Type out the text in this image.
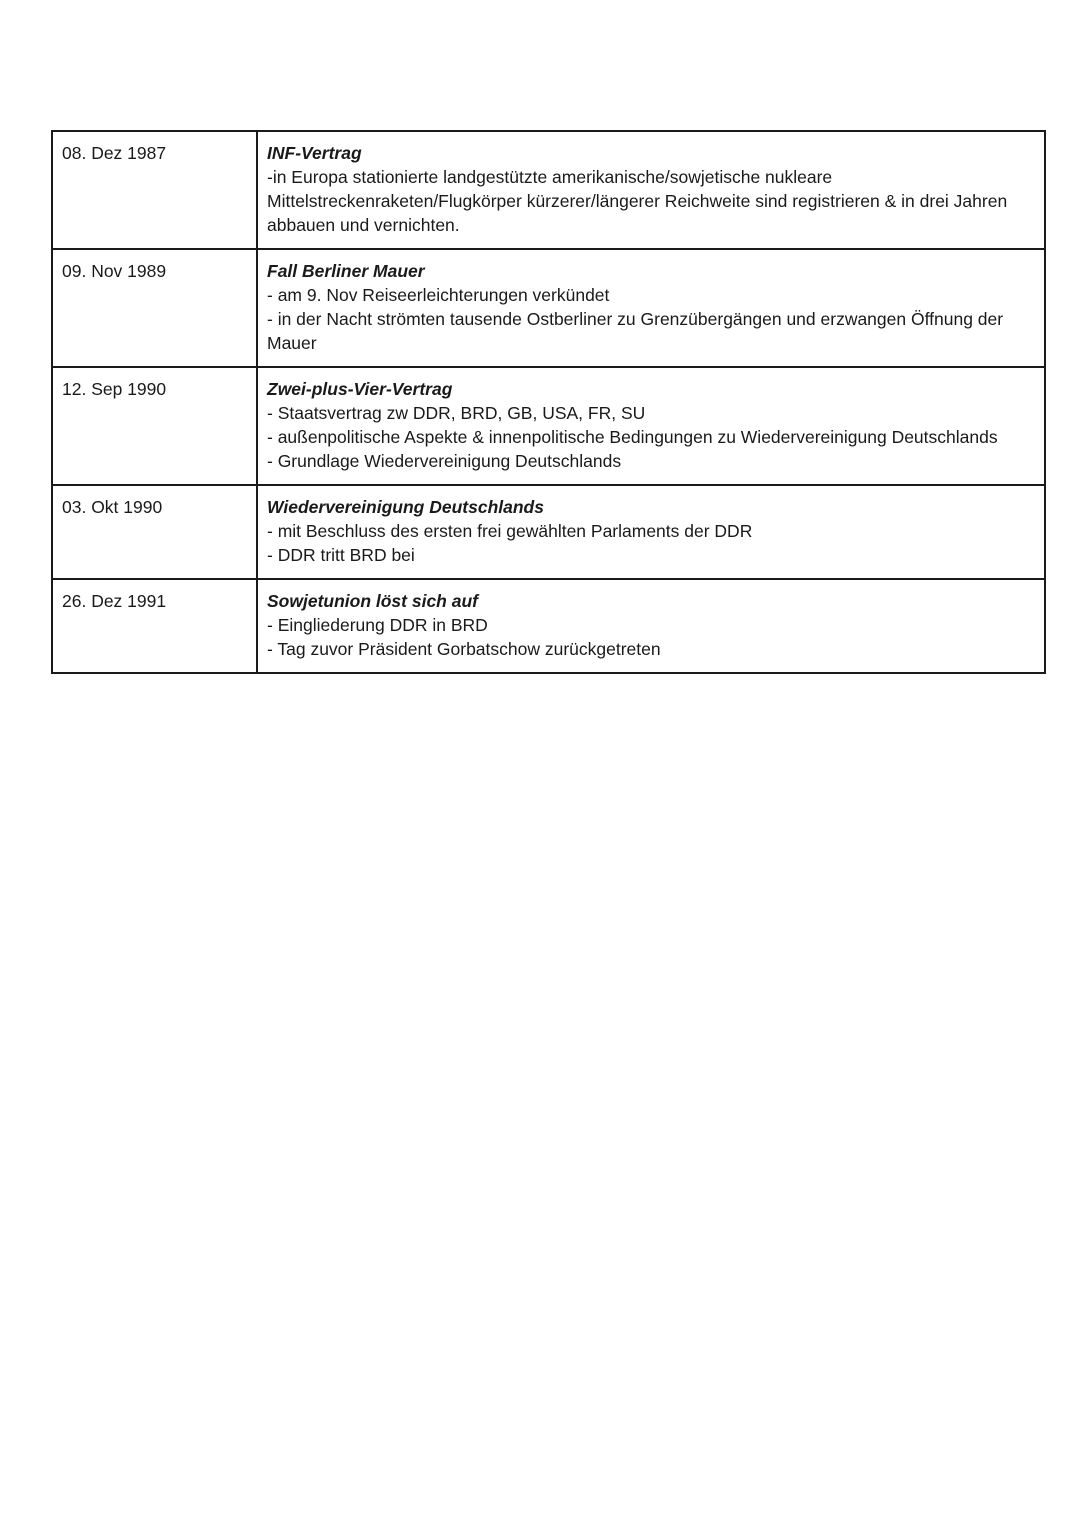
08. Dez 1987	INF-Vertrag
-in Europa stationierte landgestützte amerikanische/sowjetische nukleare Mittelstreckenraketen/Flugkörper kürzerer/längerer Reichweite sind registrieren & in drei Jahren abbauen und vernichten.

09. Nov 1989	Fall Berliner Mauer
- am 9. Nov Reiseerleichterungen verkündet
- in der Nacht strömten tausende Ostberliner zu Grenzübergängen und erzwangen Öffnung der Mauer

12. Sep 1990	Zwei-plus-Vier-Vertrag
- Staatsvertrag zw DDR, BRD, GB, USA, FR, SU
- außenpolitische Aspekte & innenpolitische Bedingungen zu Wiedervereinigung Deutschlands
- Grundlage Wiedervereinigung Deutschlands

03. Okt 1990	Wiedervereinigung Deutschlands
- mit Beschluss des ersten frei gewählten Parlaments der DDR
- DDR tritt BRD bei

26. Dez 1991	Sowjetunion löst sich auf
- Eingliederung DDR in BRD
- Tag zuvor Präsident Gorbatschow zurückgetreten
